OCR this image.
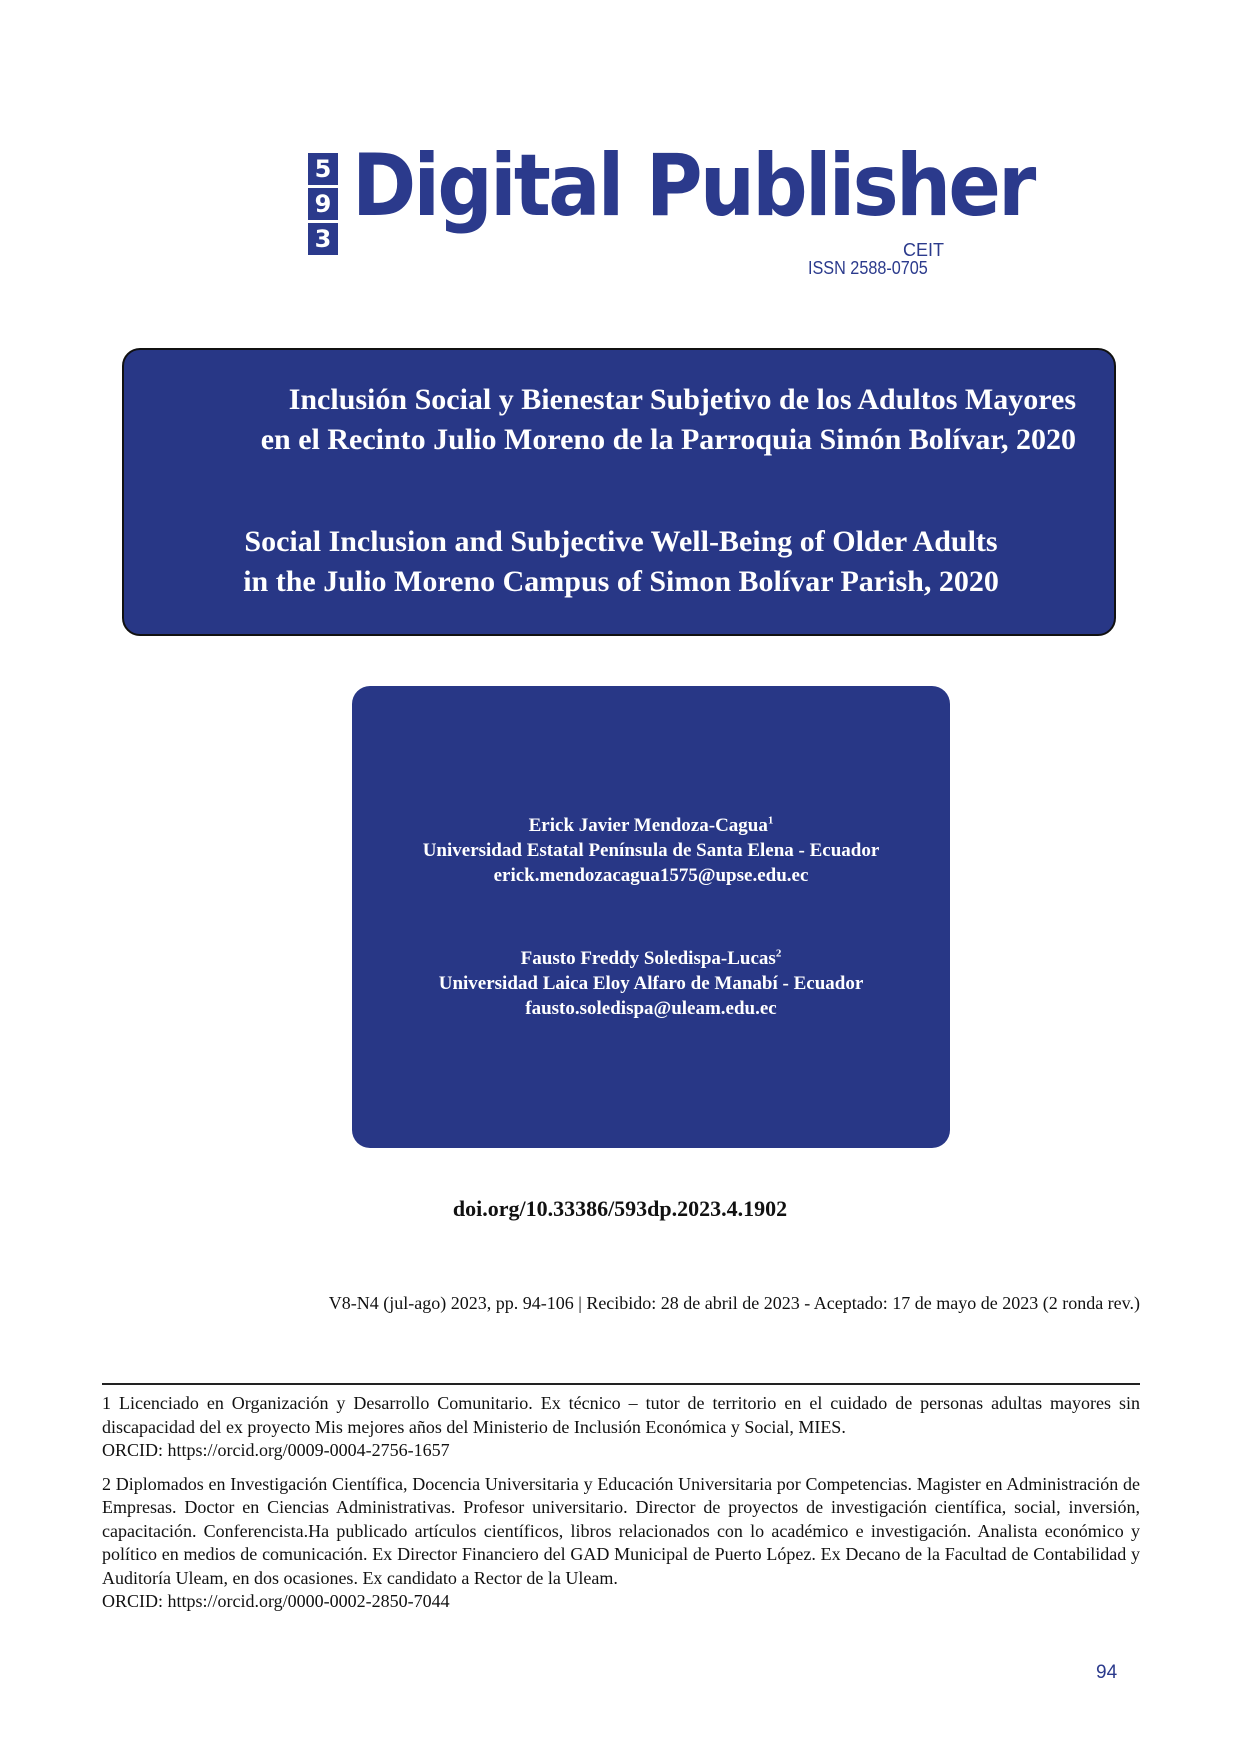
5
9
3
Digital Publisher
CEIT
ISSN 2588-0705
Inclusión Social y Bienestar Subjetivo de los Adultos Mayores
en el Recinto Julio Moreno de la Parroquia Simón Bolívar, 2020
Social Inclusion and Subjective Well-Being of Older Adults
in the Julio Moreno Campus of Simon Bolívar Parish, 2020
Erick Javier Mendoza-Cagua$^1$
Universidad Estatal Península de Santa Elena - Ecuador
erick.mendozacagua1575@upse.edu.ec
Fausto Freddy Soledispa-Lucas$^2$
Universidad Laica Eloy Alfaro de Manabí - Ecuador
fausto.soledispa@uleam.edu.ec
doi.org/10.33386/593dp.2023.4.1902
V8-N4 (jul-ago) 2023, pp. 94-106 | Recibido: 28 de abril de 2023 - Aceptado: 17 de mayo de 2023 (2 ronda rev.)

1 Licenciado en Organización y Desarrollo Comunitario. Ex técnico – tutor de territorio en el cuidado de personas adultas mayores sin discapacidad del ex proyecto Mis mejores años del Ministerio de Inclusión Económica y Social, MIES.
ORCID: https://orcid.org/0009-0004-2756-1657

2 Diplomados en Investigación Científica, Docencia Universitaria y Educación Universitaria por Competencias. Magister en Administración de Empresas. Doctor en Ciencias Administrativas. Profesor universitario. Director de proyectos de investigación científica, social, inversión, capacitación. Conferencista.Ha publicado artículos científicos, libros relacionados con lo académico e investigación. Analista económico y político en medios de comunicación. Ex Director Financiero del GAD Municipal de Puerto López. Ex Decano de la Facultad de Contabilidad y Auditoría Uleam, en dos ocasiones. Ex candidato a Rector de la Uleam.
ORCID: https://orcid.org/0000-0002-2850-7044

94
